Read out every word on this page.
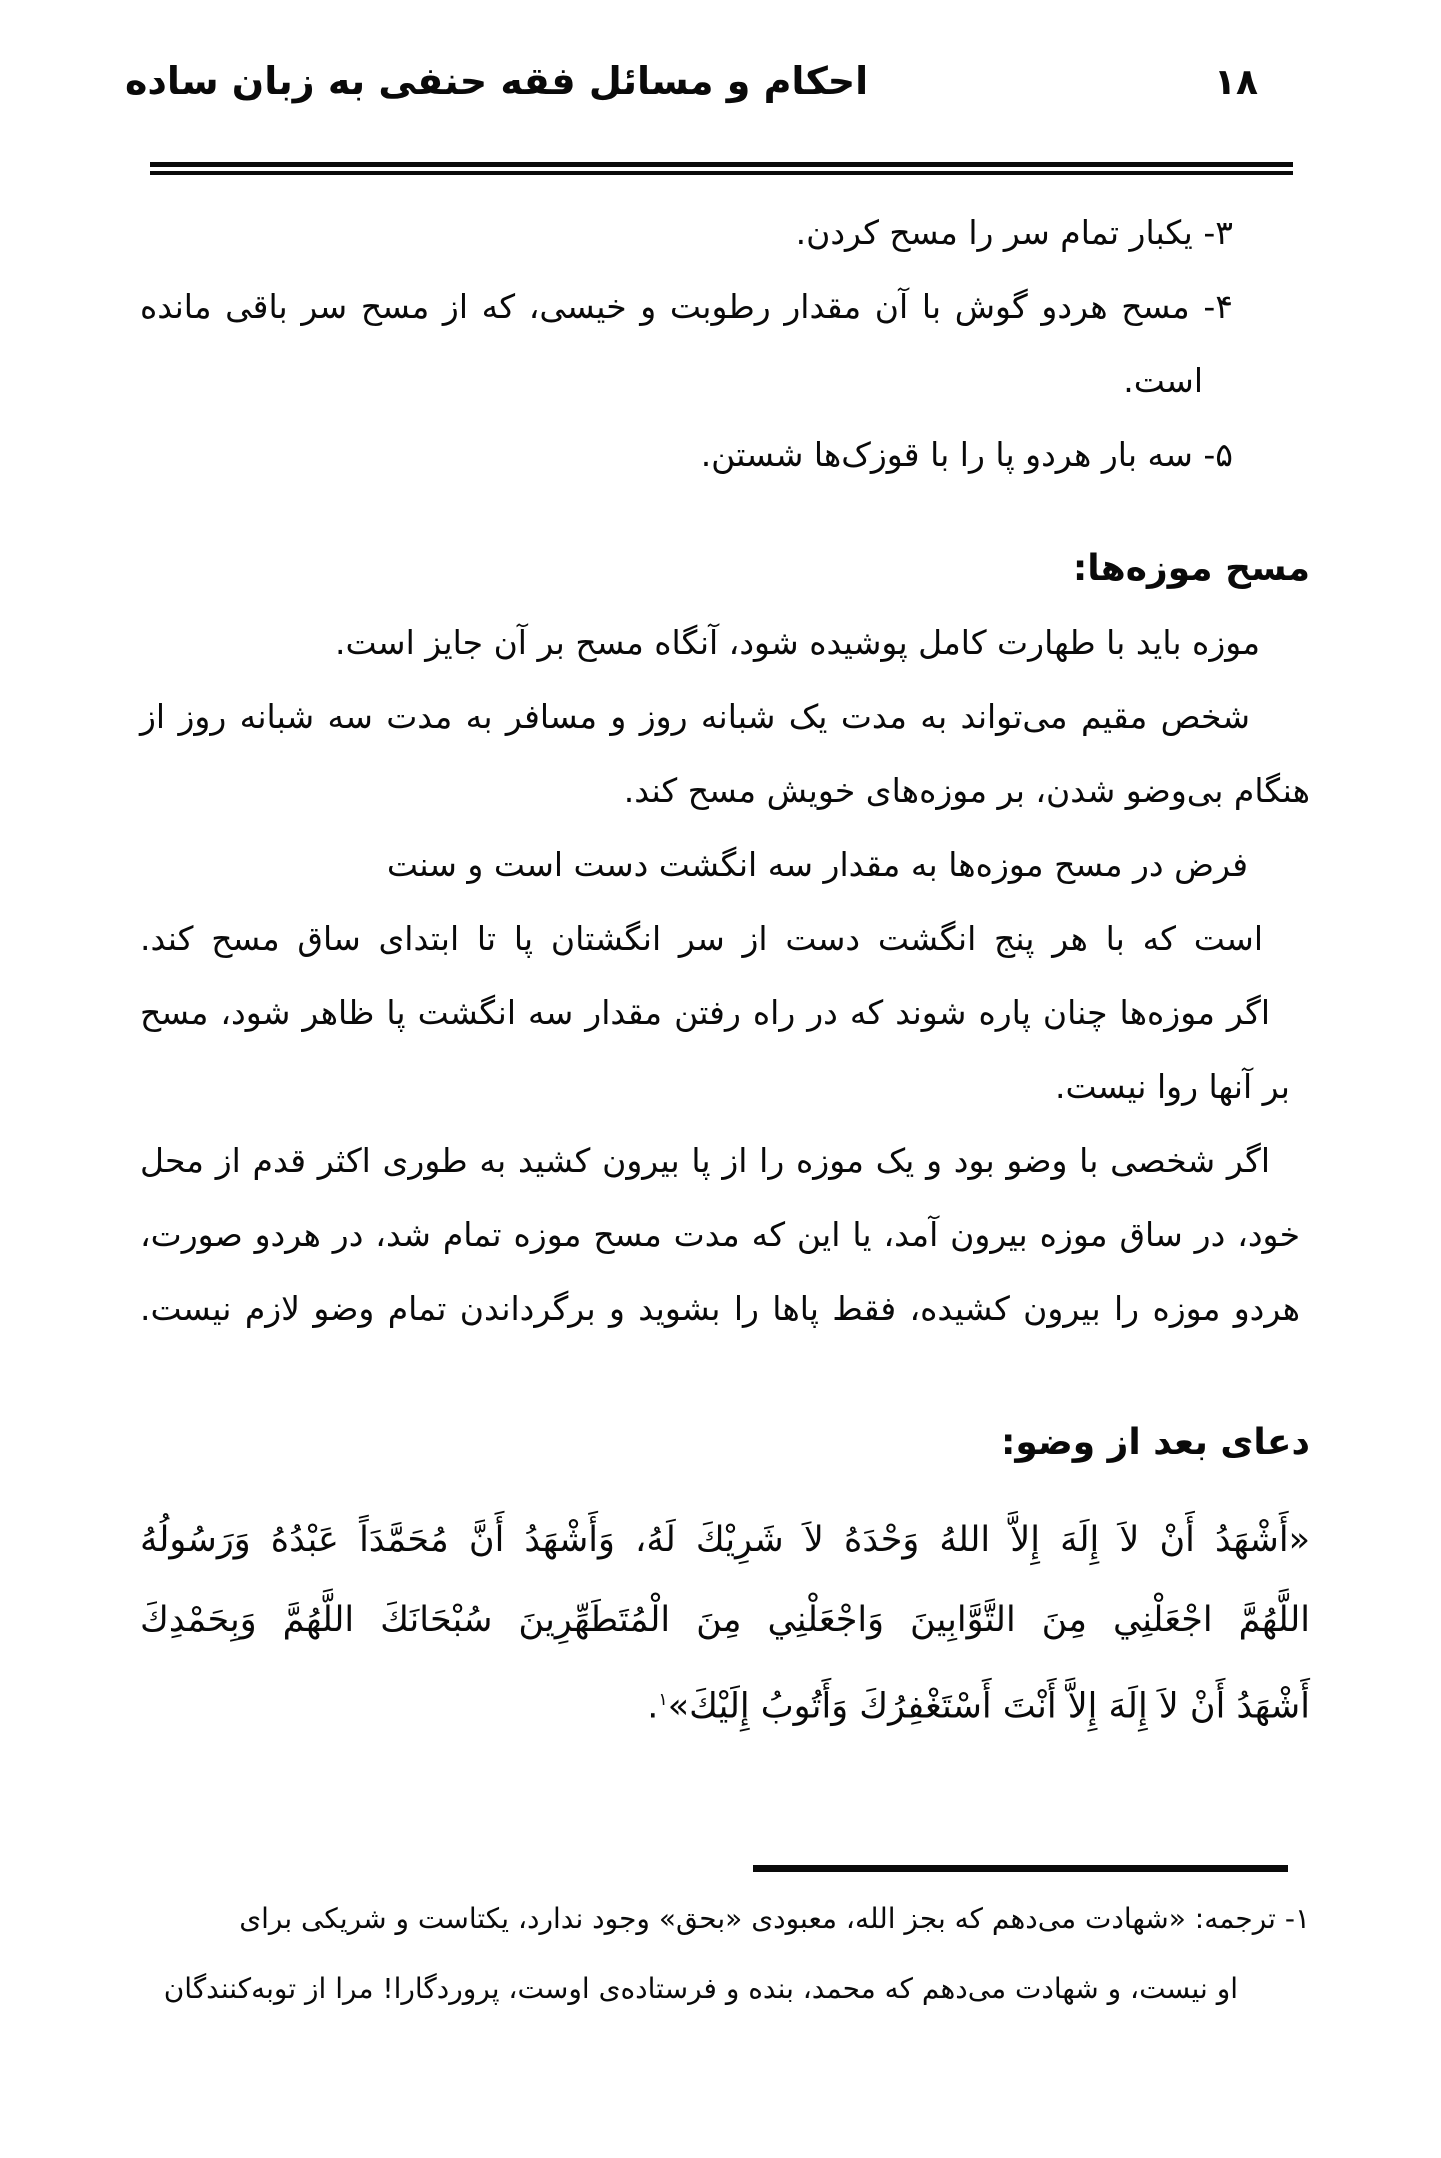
۱۸
احکام و مسائل فقه حنفی به زبان ساده
۳- یکبار تمام سر را مسح کردن.
۴- مسح هردو گوش با آن مقدار رطوبت و خیسی، که از مسح سر باقی مانده
است.
۵- سه بار هردو پا را با قوزک‌ها شستن.
مسح موزه‌ها:
موزه باید با طهارت کامل پوشیده شود، آنگاه مسح بر آن جایز است.
شخص مقیم می‌تواند به مدت یک شبانه روز و مسافر به مدت سه شبانه روز از
هنگام بی‌وضو شدن، بر موزه‌های خویش مسح کند.
فرض در مسح موزه‌ها به مقدار سه انگشت دست است و سنت
است که با هر پنج انگشت دست از سر انگشتان پا تا ابتدای ساق مسح کند.
اگر موزه‌ها چنان پاره شوند که در راه رفتن مقدار سه انگشت پا ظاهر شود، مسح
بر آنها روا نیست.
اگر شخصی با وضو بود و یک موزه را از پا بیرون کشید به طوری اکثر قدم از محل
خود، در ساق موزه بیرون آمد، یا این که مدت مسح موزه تمام شد، در هردو صورت،
هردو موزه را بیرون کشیده، فقط پاها را بشوید و برگرداندن تمام وضو لازم نیست.
دعای بعد از وضو:
«أَشْهَدُ أَنْ لاَ إِلَهَ إِلاَّ اللهُ وَحْدَهُ لاَ شَرِيْكَ لَهُ، وَأَشْهَدُ أَنَّ مُحَمَّدَاً عَبْدُهُ وَرَسُولُهُ
اللَّهُمَّ اجْعَلْنِي مِنَ التَّوَّابِينَ وَاجْعَلْنِي مِنَ الْمُتَطَهِّرِينَ سُبْحَانَكَ اللَّهُمَّ وَبِحَمْدِكَ
أَشْهَدُ أَنْ لاَ إِلَهَ إِلاَّ أَنْتَ أَسْتَغْفِرُكَ وَأَتُوبُ إِلَيْكَ»$^۱$.
۱- ترجمه: «شهادت می‌دهم که بجز الله، معبودی «بحق» وجود ندارد، یکتاست و شریکی برای
او نیست، و شهادت می‌دهم که محمد، بنده و فرستاده‌ی اوست، پروردگارا! مرا از توبه‌کنندگان
